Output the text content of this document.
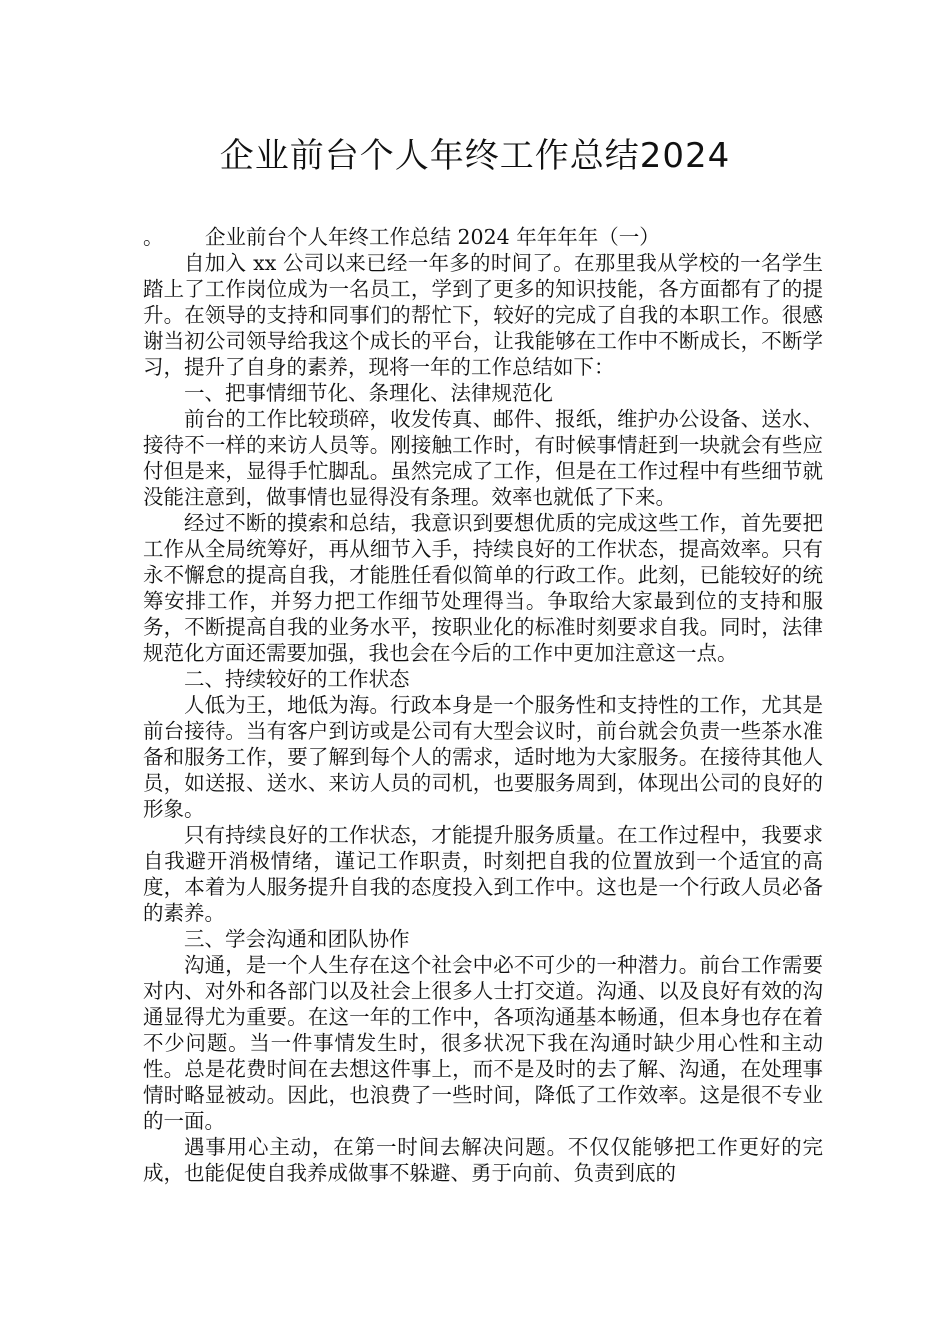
企业前台个人年终工作总结2024

。 企业前台个人年终工作总结 2024 年年年年（一）

自加入 xx 公司以来已经一年多的时间了。在那里我从学校的一名学生踏上了工作岗位成为一名员工，学到了更多的知识技能，各方面都有了的提升。在领导的支持和同事们的帮忙下，较好的完成了自我的本职工作。很感谢当初公司领导给我这个成长的平台，让我能够在工作中不断成长，不断学习，提升了自身的素养，现将一年的工作总结如下：

一、把事情细节化、条理化、法律规范化

前台的工作比较琐碎，收发传真、邮件、报纸，维护办公设备、送水、接待不一样的来访人员等。刚接触工作时，有时候事情赶到一块就会有些应付但是来，显得手忙脚乱。虽然完成了工作，但是在工作过程中有些细节就没能注意到，做事情也显得没有条理。效率也就低了下来。

经过不断的摸索和总结，我意识到要想优质的完成这些工作，首先要把工作从全局统筹好，再从细节入手，持续良好的工作状态，提高效率。只有永不懈怠的提高自我，才能胜任看似简单的行政工作。此刻，已能较好的统筹安排工作，并努力把工作细节处理得当。争取给大家最到位的支持和服务，不断提高自我的业务水平，按职业化的标准时刻要求自我。同时，法律规范化方面还需要加强，我也会在今后的工作中更加注意这一点。

二、持续较好的工作状态

人低为王，地低为海。行政本身是一个服务性和支持性的工作，尤其是前台接待。当有客户到访或是公司有大型会议时，前台就会负责一些茶水准备和服务工作，要了解到每个人的需求，适时地为大家服务。在接待其他人员，如送报、送水、来访人员的司机，也要服务周到，体现出公司的良好的形象。

只有持续良好的工作状态，才能提升服务质量。在工作过程中，我要求自我避开消极情绪，谨记工作职责，时刻把自我的位置放到一个适宜的高度，本着为人服务提升自我的态度投入到工作中。这也是一个行政人员必备的素养。

三、学会沟通和团队协作

沟通，是一个人生存在这个社会中必不可少的一种潜力。前台工作需要对内、对外和各部门以及社会上很多人士打交道。沟通、以及良好有效的沟通显得尤为重要。在这一年的工作中，各项沟通基本畅通，但本身也存在着不少问题。当一件事情发生时，很多状况下我在沟通时缺少用心性和主动性。总是花费时间在去想这件事上，而不是及时的去了解、沟通，在处理事情时略显被动。因此，也浪费了一些时间，降低了工作效率。这是很不专业的一面。

遇事用心主动，在第一时间去解决问题。不仅仅能够把工作更好的完成，也能促使自我养成做事不躲避、勇于向前、负责到底的
